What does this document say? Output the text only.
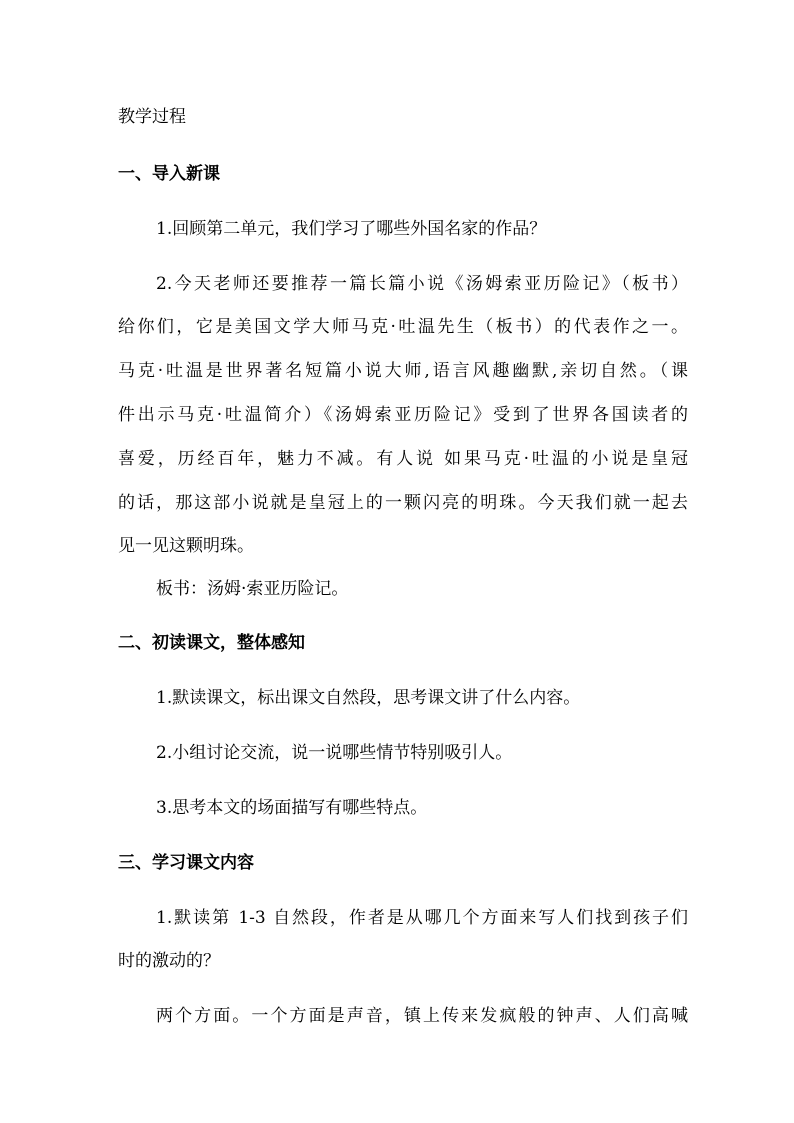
教学过程
一、导入新课
1.回顾第二单元，我们学习了哪些外国名家的作品？
2.今天老师还要推荐一篇长篇小说《汤姆索亚历险记》（板书）
给你们，它是美国文学大师马克·吐温先生（板书）的代表作之一。
马克·吐温是世界著名短篇小说大师,语言风趣幽默,亲切自然。（课
件出示马克·吐温简介）《汤姆索亚历险记》受到了世界各国读者的
喜爱，历经百年，魅力不减。有人说 如果马克·吐温的小说是皇冠
的话，那这部小说就是皇冠上的一颗闪亮的明珠。今天我们就一起去
见一见这颗明珠。
板书：汤姆·索亚历险记。
二、初读课文，整体感知
1.默读课文，标出课文自然段，思考课文讲了什么内容。
2.小组讨论交流，说一说哪些情节特别吸引人。
3.思考本文的场面描写有哪些特点。
三、学习课文内容
1.默读第 1-3 自然段，作者是从哪几个方面来写人们找到孩子们
时的激动的？
两个方面。一个方面是声音，镇上传来发疯般的钟声、人们高喊
